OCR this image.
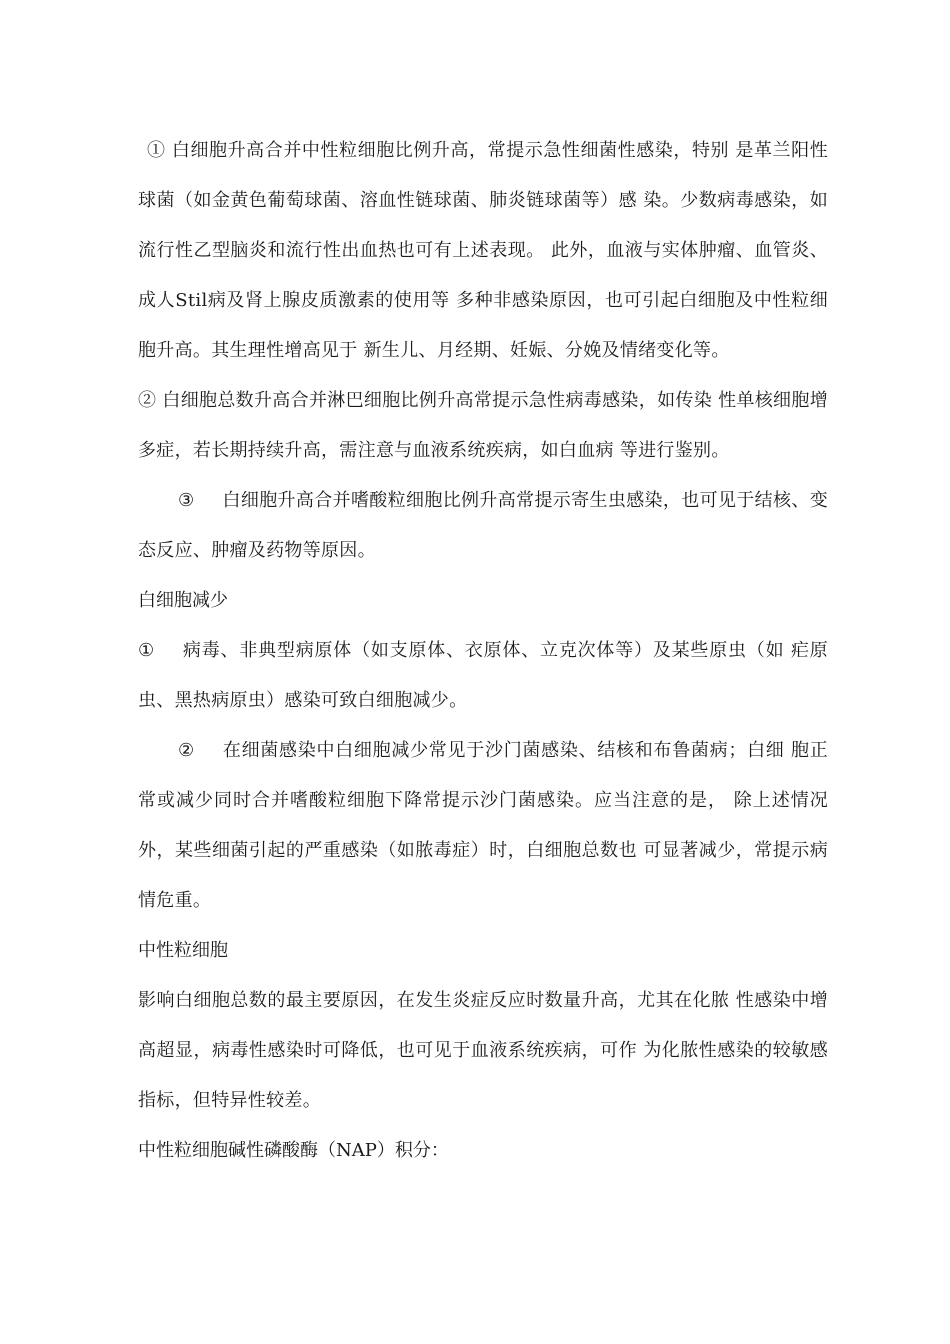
① 白细胞升高合并中性粒细胞比例升高，常提示急性细菌性感染，特别 是革兰阳性球菌（如金黄色葡萄球菌、溶血性链球菌、肺炎链球菌等）感 染。少数病毒感染，如流行性乙型脑炎和流行性出血热也可有上述表现。 此外，血液与实体肿瘤、血管炎、成人Stil病及肾上腺皮质激素的使用等 多种非感染原因，也可引起白细胞及中性粒细胞升高。其生理性增高见于 新生儿、月经期、妊娠、分娩及情绪变化等。

② 白细胞总数升高合并淋巴细胞比例升高常提示急性病毒感染，如传染 性单核细胞增多症，若长期持续升高，需注意与血液系统疾病，如白血病 等进行鉴别。

③ 白细胞升高合并嗜酸粒细胞比例升高常提示寄生虫感染，也可见于结核、变态反应、肿瘤及药物等原因。

白细胞减少

① 病毒、非典型病原体（如支原体、衣原体、立克次体等）及某些原虫（如 疟原虫、黑热病原虫）感染可致白细胞减少。

② 在细菌感染中白细胞减少常见于沙门菌感染、结核和布鲁菌病；白细 胞正常或减少同时合并嗜酸粒细胞下降常提示沙门菌感染。应当注意的是， 除上述情况外，某些细菌引起的严重感染（如脓毒症）时，白细胞总数也 可显著减少，常提示病情危重。

中性粒细胞

影响白细胞总数的最主要原因，在发生炎症反应时数量升高，尤其在化脓 性感染中增高超显，病毒性感染时可降低，也可见于血液系统疾病，可作 为化脓性感染的较敏感指标，但特异性较差。

中性粒细胞碱性磷酸酶（NAP）积分：
